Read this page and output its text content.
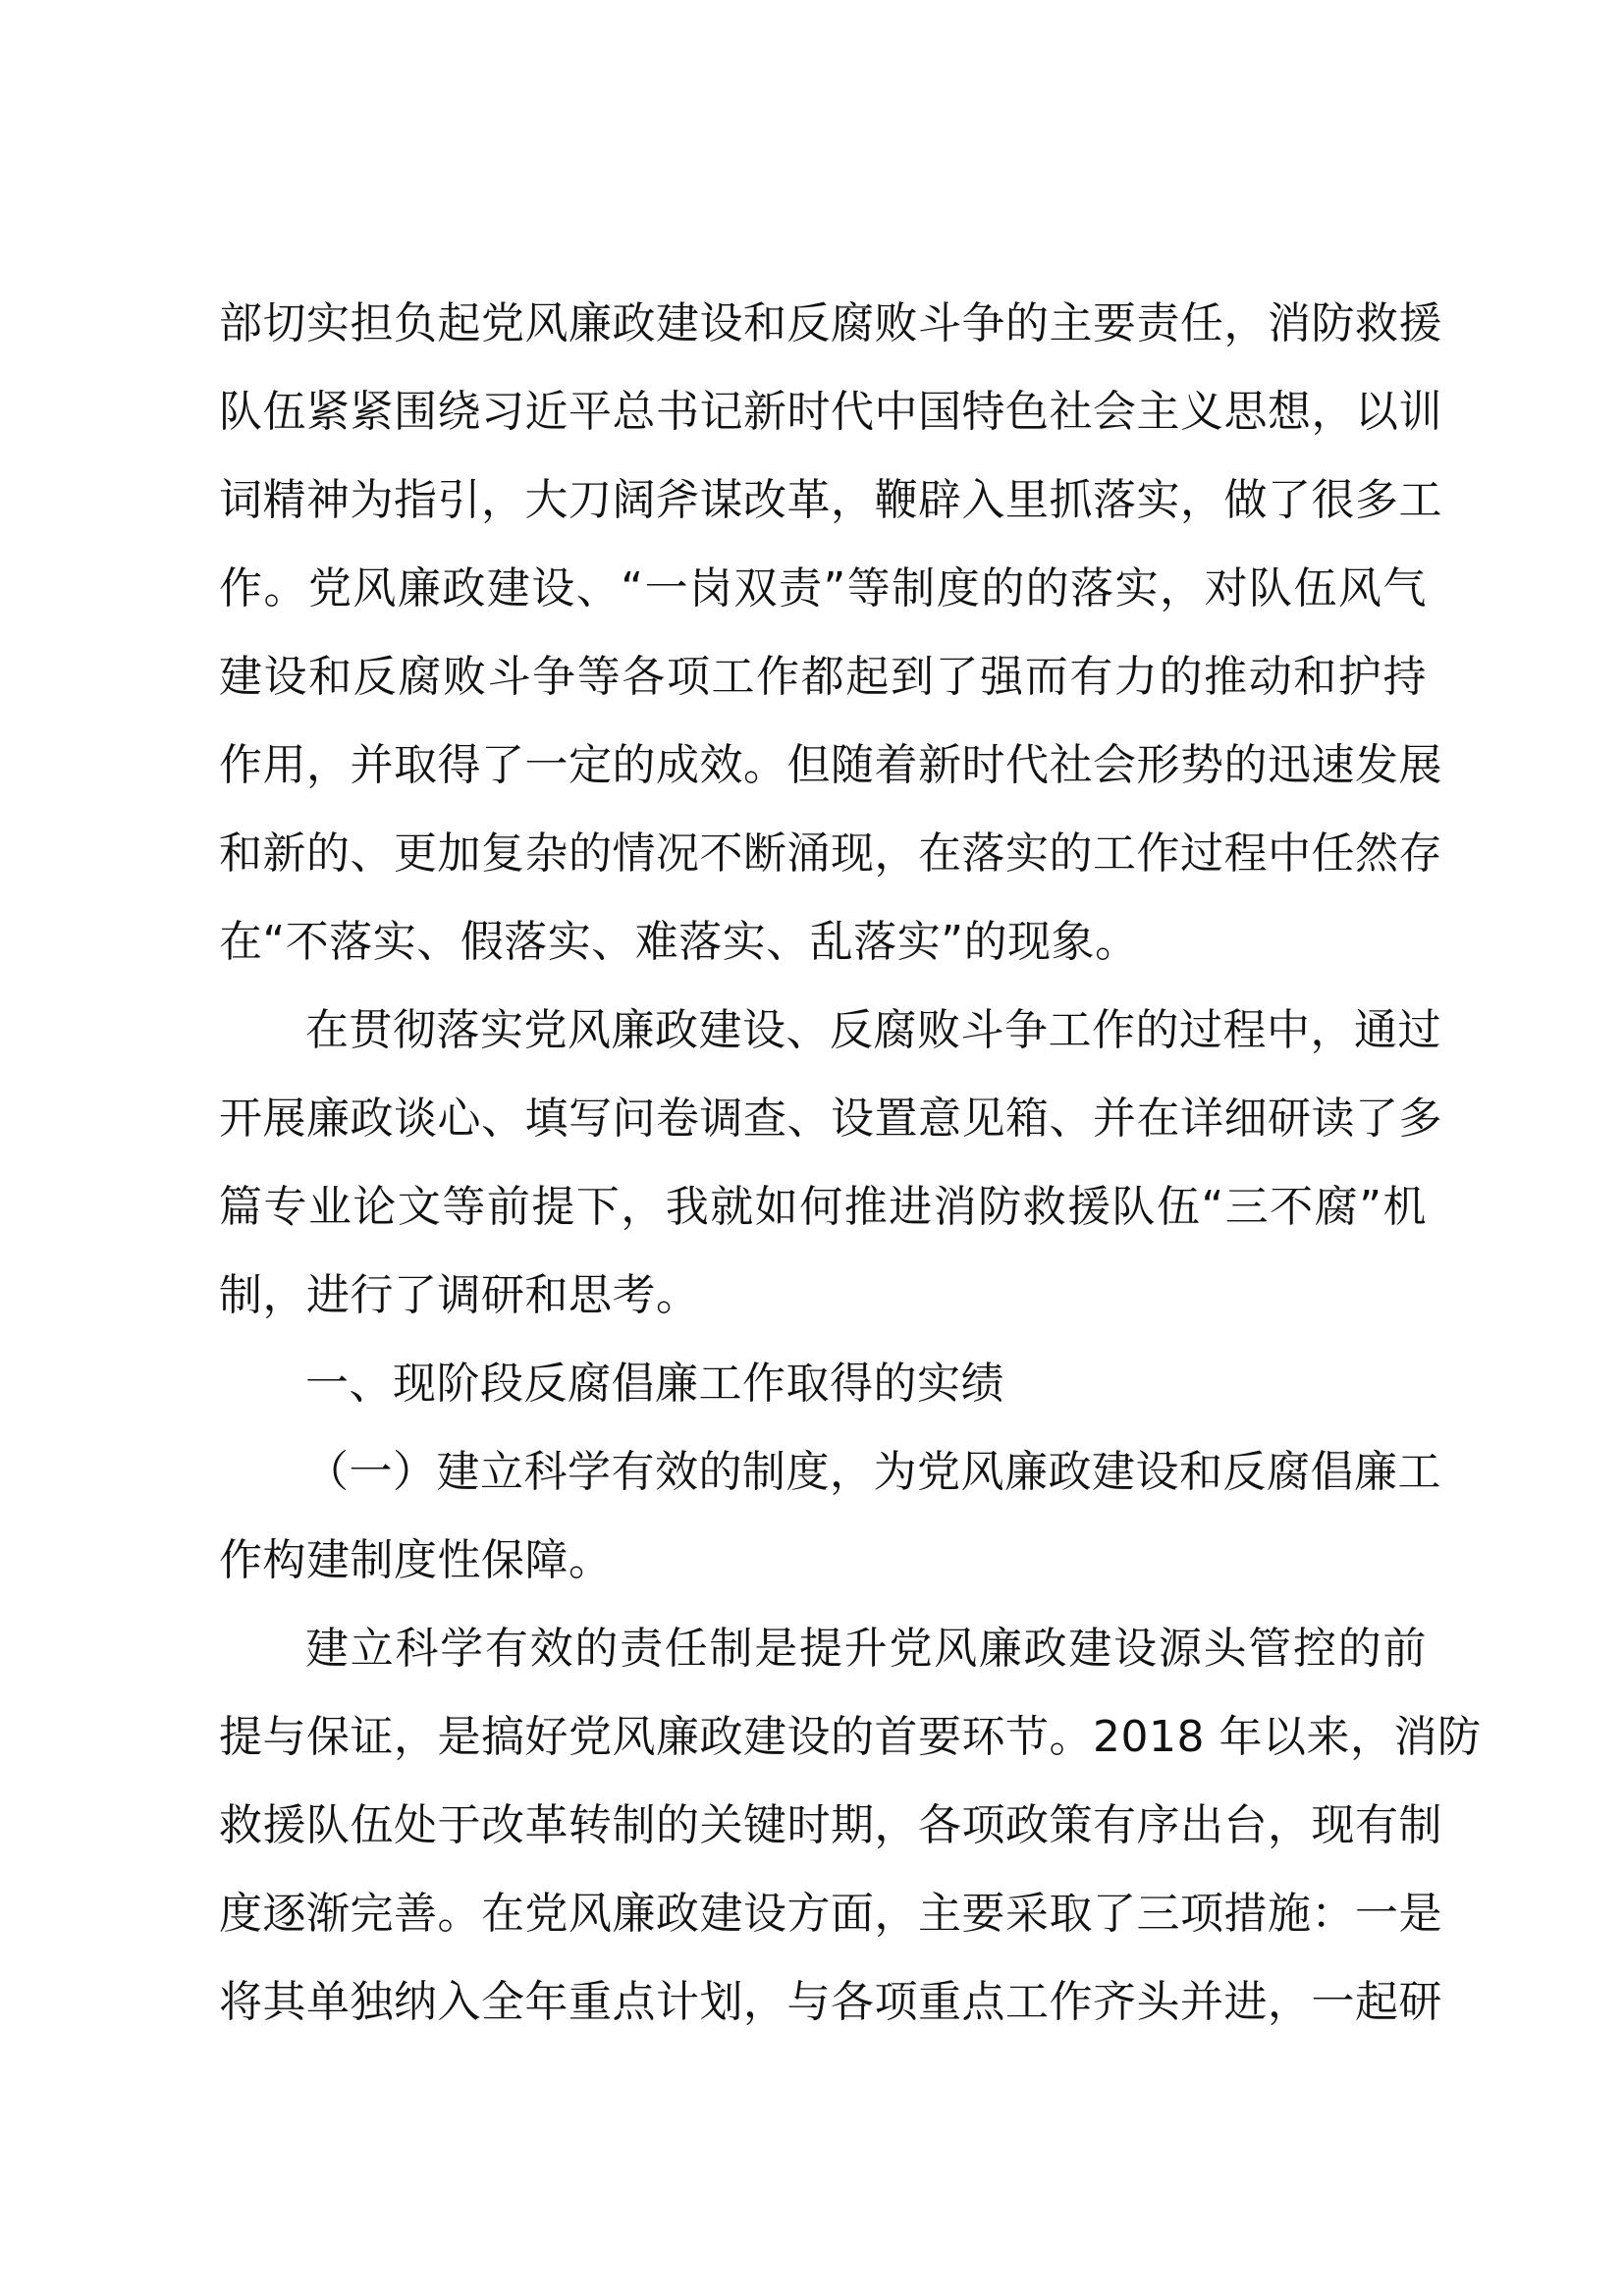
部切实担负起党风廉政建设和反腐败斗争的主要责任，消防救援
队伍紧紧围绕习近平总书记新时代中国特色社会主义思想，以训
词精神为指引，大刀阔斧谋改革，鞭辟入里抓落实，做了很多工
作。党风廉政建设、“一岗双责”等制度的的落实，对队伍风气
建设和反腐败斗争等各项工作都起到了强而有力的推动和护持
作用，并取得了一定的成效。但随着新时代社会形势的迅速发展
和新的、更加复杂的情况不断涌现，在落实的工作过程中任然存
在“不落实、假落实、难落实、乱落实”的现象。
在贯彻落实党风廉政建设、反腐败斗争工作的过程中，通过
开展廉政谈心、填写问卷调查、设置意见箱、并在详细研读了多
篇专业论文等前提下，我就如何推进消防救援队伍“三不腐”机
制，进行了调研和思考。
一、现阶段反腐倡廉工作取得的实绩
（一）建立科学有效的制度，为党风廉政建设和反腐倡廉工
作构建制度性保障。
建立科学有效的责任制是提升党风廉政建设源头管控的前
提与保证，是搞好党风廉政建设的首要环节。2018 年以来，消防
救援队伍处于改革转制的关键时期，各项政策有序出台，现有制
度逐渐完善。在党风廉政建设方面，主要采取了三项措施：一是
将其单独纳入全年重点计划，与各项重点工作齐头并进，一起研
